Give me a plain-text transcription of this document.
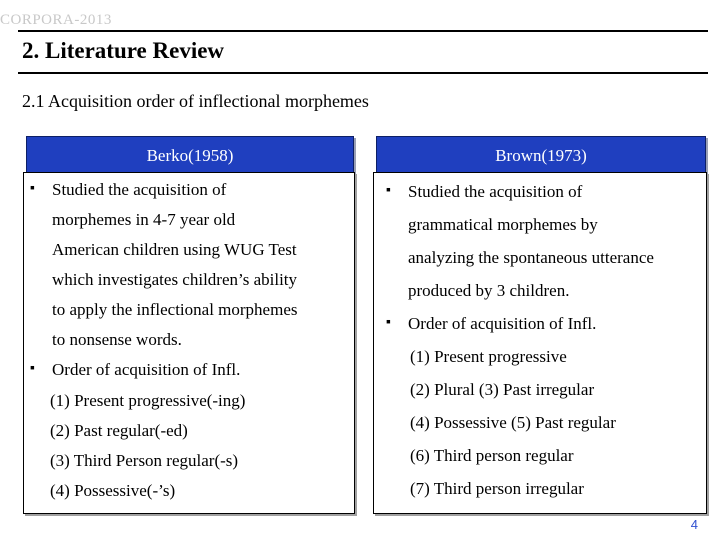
CORPORA-2013
2. Literature Review
2.1 Acquisition order of inflectional morphemes
Berko(1958)
▪ Studied the acquisition of
morphemes in 4-7 year old
American children using WUG Test
which investigates children’s ability
to apply the inflectional morphemes
to nonsense words.
▪ Order of acquisition of Infl.
(1) Present progressive(-ing)
(2) Past regular(-ed)
(3) Third Person regular(-s)
(4) Possessive(-’s)
Brown(1973)
▪ Studied the acquisition of
grammatical morphemes by
analyzing the spontaneous utterance
produced by 3 children.
▪ Order of acquisition of Infl.
(1) Present progressive
(2) Plural (3) Past irregular
(4) Possessive (5) Past regular
(6) Third person regular
(7) Third person irregular
4
